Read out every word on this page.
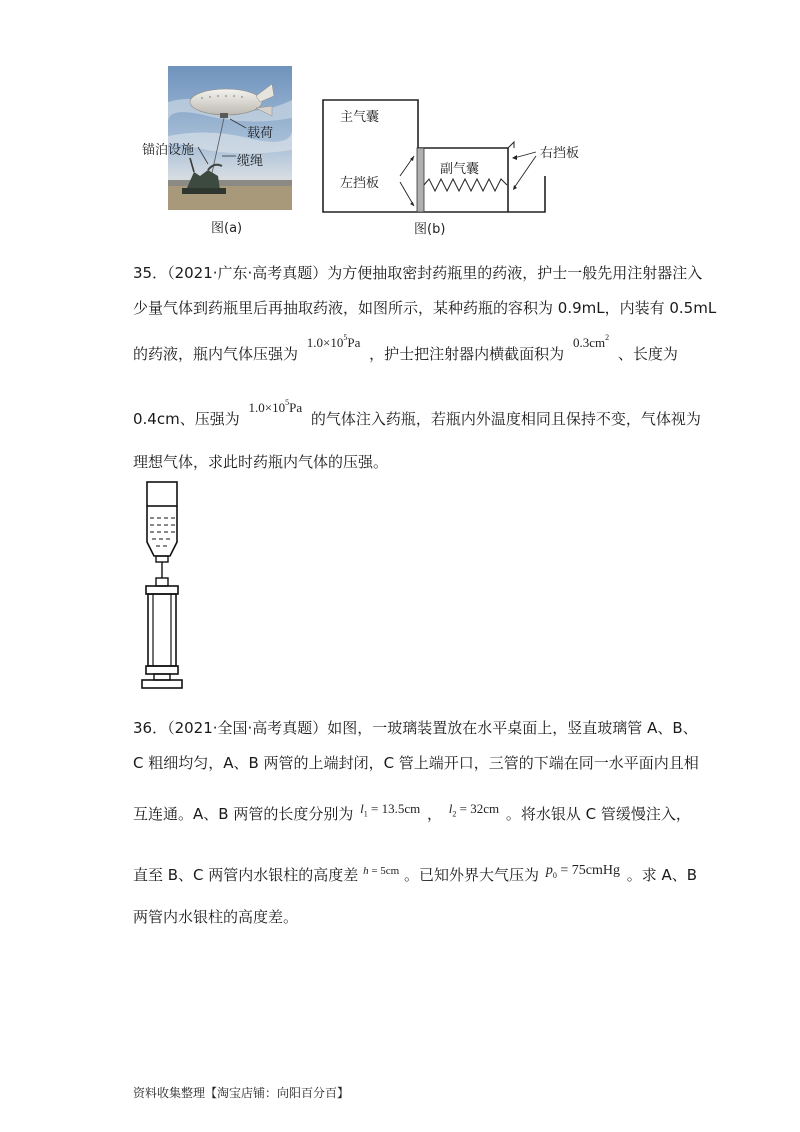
载荷
锚泊设施
缆绳
图(a)
主气囊
副气囊
左挡板
右挡板
图(b)
35．（2021·广东·高考真题）为方便抽取密封药瓶里的药液，护士一般先用注射器注入
少量气体到药瓶里后再抽取药液，如图所示，某种药瓶的容积为 0.9mL，内装有 0.5mL
的药液，瓶内气体压强为 $1.0\times 10^5Pa$ ，护士把注射器内横截面积为 $0.3cm^2$ 、长度为
0.4cm、压强为 $1.0\times 10^5Pa$ 的气体注入药瓶，若瓶内外温度相同且保持不变，气体视为
理想气体，求此时药瓶内气体的压强。
36．（2021·全国·高考真题）如图，一玻璃装置放在水平桌面上，竖直玻璃管 A、B、
C 粗细均匀，A、B 两管的上端封闭，C 管上端开口，三管的下端在同一水平面内且相
互连通。A、B 两管的长度分别为 $l_1 = 13.5cm$ ， $l_2 = 32cm$ 。将水银从 C 管缓慢注入，
直至 B、C 两管内水银柱的高度差 $^{h = 5cm}$ 。已知外界大气压为 $p_0$ = 75cmHg 。求 A、B
两管内水银柱的高度差。
资料收集整理【淘宝店铺：向阳百分百】
